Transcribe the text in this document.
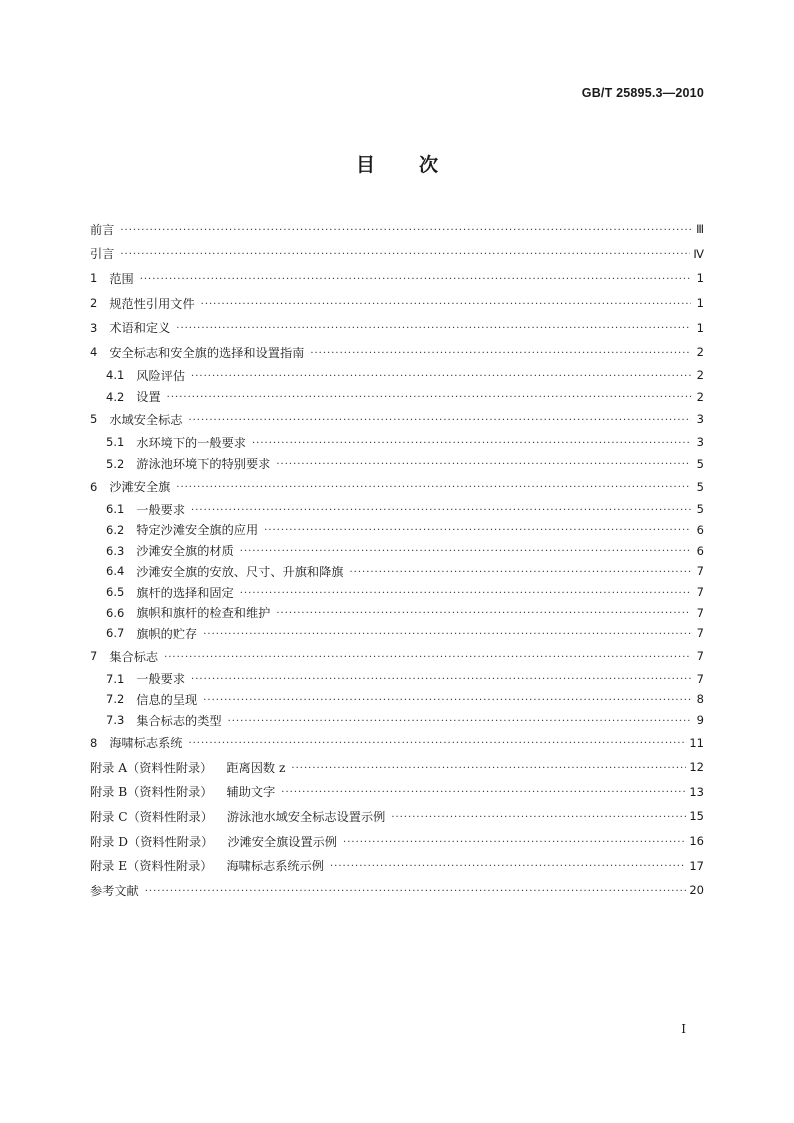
GB/T 25895.3—2010
目 次
前言 ·····	Ⅲ
引言 ·····	Ⅳ
1 范围 ·····	1
2 规范性引用文件 ·····	1
3 术语和定义 ·····	1
4 安全标志和安全旗的选择和设置指南 ·····	2
4.1 风险评估 ·····	2
4.2 设置 ·····	2
5 水域安全标志 ·····	3
5.1 水环境下的一般要求 ·····	3
5.2 游泳池环境下的特别要求 ·····	5
6 沙滩安全旗 ·····	5
6.1 一般要求 ·····	5
6.2 特定沙滩安全旗的应用 ·····	6
6.3 沙滩安全旗的材质 ·····	6
6.4 沙滩安全旗的安放、尺寸、升旗和降旗 ·····	7
6.5 旗杆的选择和固定 ·····	7
6.6 旗帜和旗杆的检查和维护 ·····	7
6.7 旗帜的贮存 ·····	7
7 集合标志 ·····	7
7.1 一般要求 ·····	7
7.2 信息的呈现 ·····	8
7.3 集合标志的类型 ·····	9
8 海啸标志系统 ·····	11
附录 A（资料性附录） 距离因数 z ·····	12
附录 B（资料性附录） 辅助文字 ·····	13
附录 C（资料性附录） 游泳池水域安全标志设置示例 ·····	15
附录 D（资料性附录） 沙滩安全旗设置示例 ·····	16
附录 E（资料性附录） 海啸标志系统示例 ·····	17
参考文献 ·····	20
I
